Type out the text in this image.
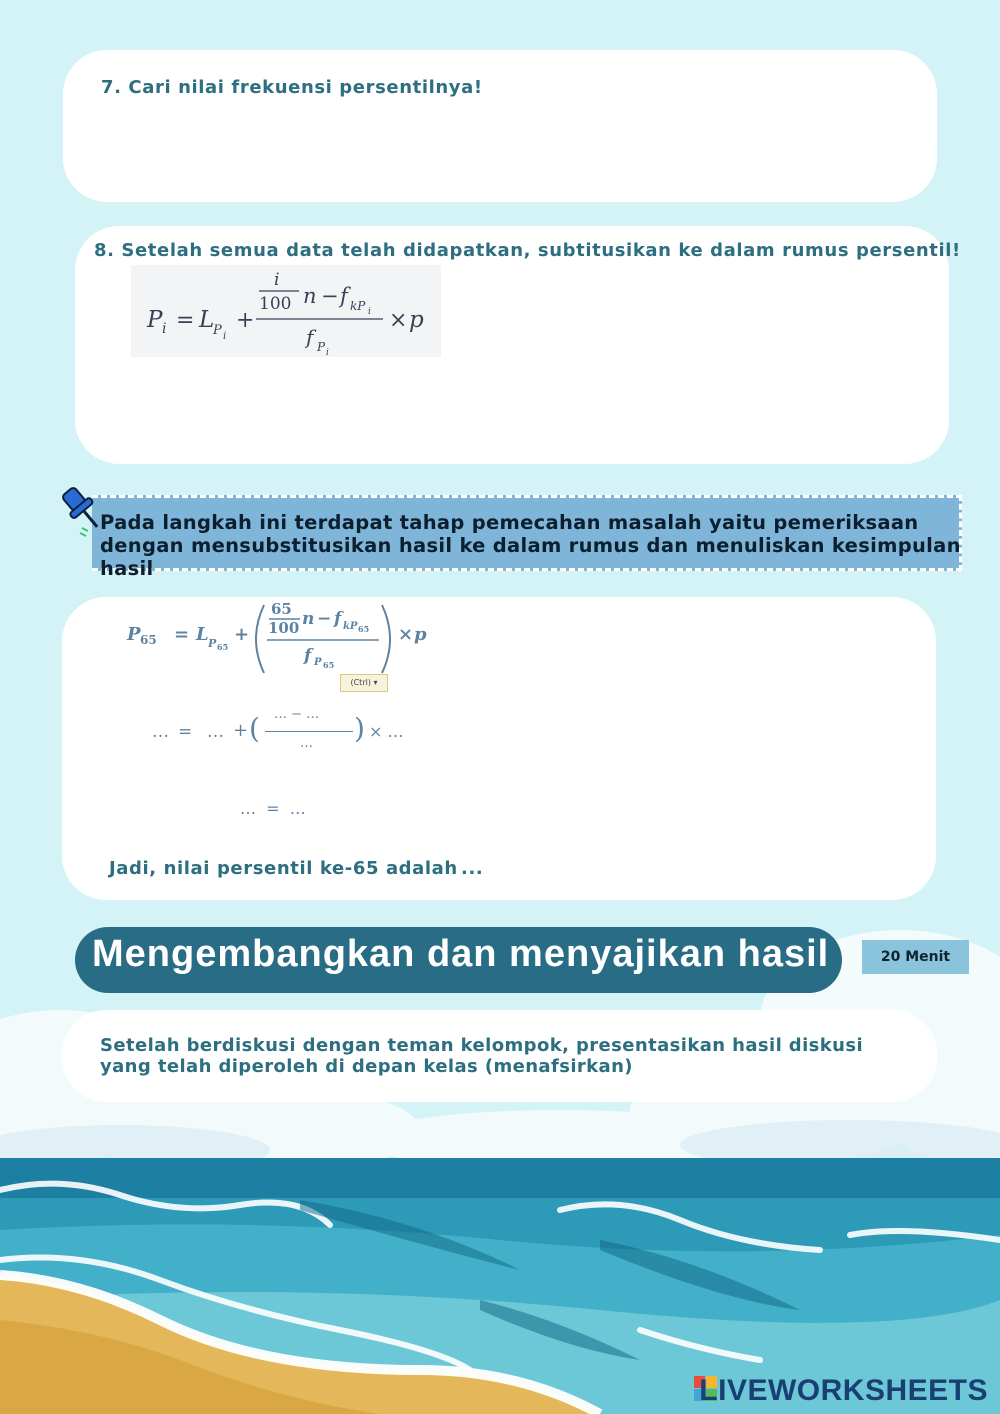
7. Cari nilai frekuensi persentilnya!
8. Setelah semua data telah didapatkan, subtitusikan ke dalam rumus persentil!
P i = L
P i
+
i
100 n − f kP i
f P i
× p
Pada langkah ini terdapat tahap pemecahan masalah yaitu pemeriksaan dengan mensubstitusikan hasil ke dalam rumus dan menuliskan kesimpulan hasil
P 65 = L P 65
+
65
100 n − f kP 65
f P 65
× p
(Ctrl) ▾
… = … + ( … − …
… ) × …
…  =  …
Jadi, nilai persentil ke-65 adalah ...
Mengembangkan dan menyajikan hasil	20 Menit
Setelah berdiskusi dengan teman kelompok, presentasikan hasil diskusi yang telah diperoleh di depan kelas (menafsirkan)
LIVEWORKSHEETS
